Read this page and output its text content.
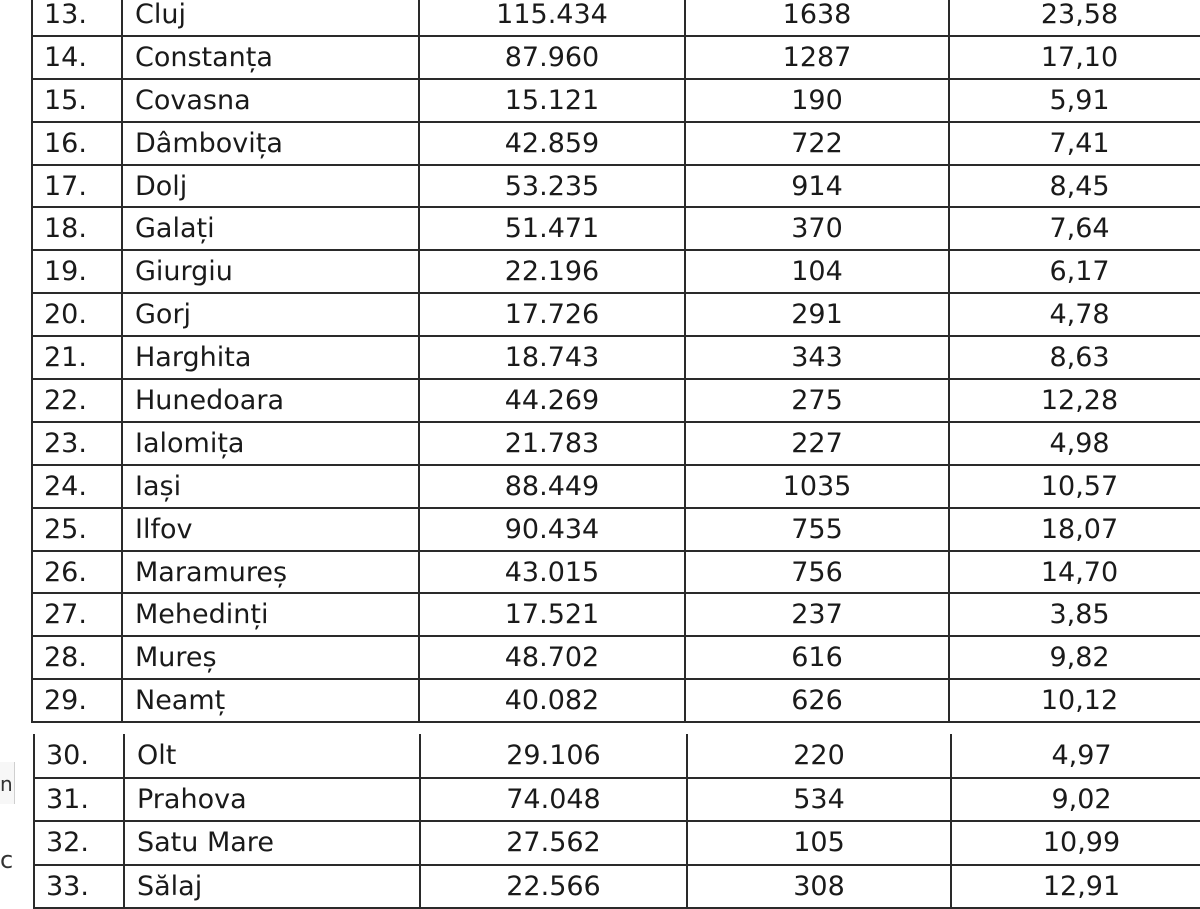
n
c
13.	Cluj	115.434	1638	23,58
14.	Constanța	87.960	1287	17,10
15.	Covasna	15.121	190	5,91
16.	Dâmbovița	42.859	722	7,41
17.	Dolj	53.235	914	8,45
18.	Galați	51.471	370	7,64
19.	Giurgiu	22.196	104	6,17
20.	Gorj	17.726	291	4,78
21.	Harghita	18.743	343	8,63
22.	Hunedoara	44.269	275	12,28
23.	Ialomița	21.783	227	4,98
24.	Iași	88.449	1035	10,57
25.	Ilfov	90.434	755	18,07
26.	Maramureș	43.015	756	14,70
27.	Mehedinți	17.521	237	3,85
28.	Mureș	48.702	616	9,82
29.	Neamț	40.082	626	10,12
30.	Olt	29.106	220	4,97
31.	Prahova	74.048	534	9,02
32.	Satu Mare	27.562	105	10,99
33.	Sălaj	22.566	308	12,91
